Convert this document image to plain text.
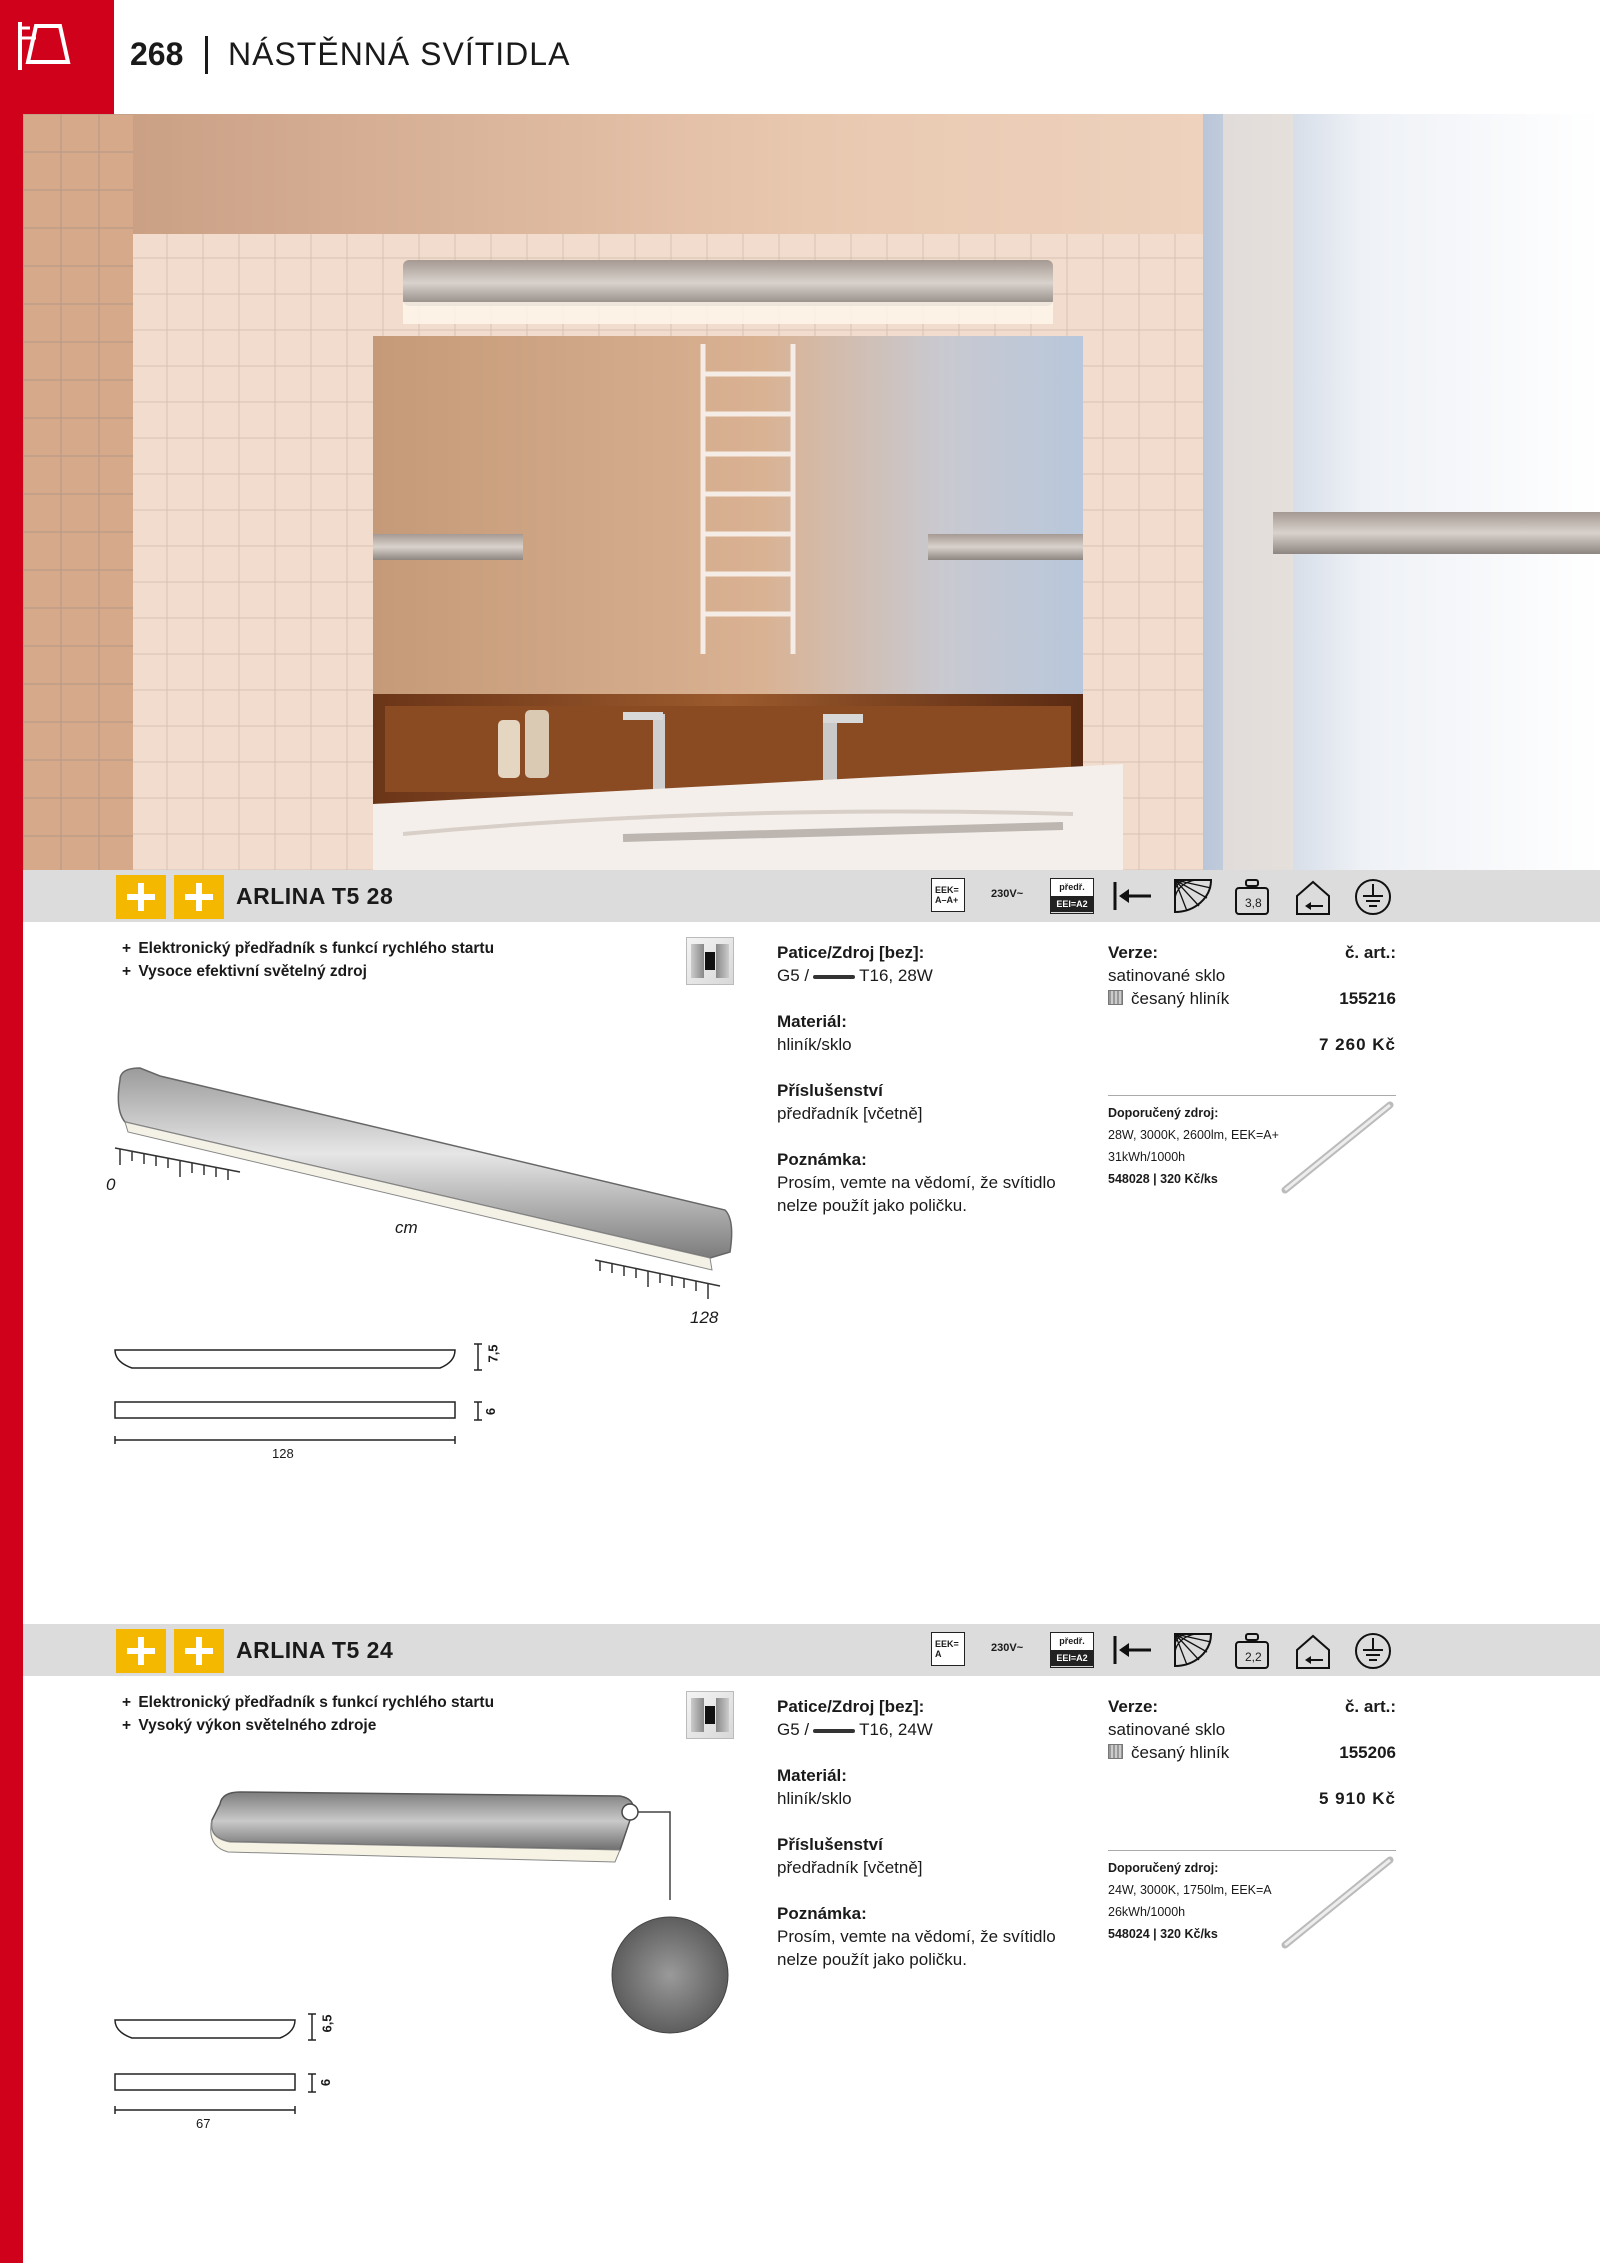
268 NÁSTĚNNÁ SVÍTIDLA
ARLINA T5 28	EEK=
A–A+	230V~
předř.
EEI=A2	3,8
+ Elektronický předřadník s funkcí rychlého startu
+ Vysoce efektivní světelný zdroj
0
cm
128
7,5
6
128
Patice/Zdroj [bez]:
G5 /	T16, 28W
Materiál:
hliník/sklo
Příslušenství
předřadník [včetně]
Poznámka:
Prosím, vemte na vědomí, že svítidlo nelze použít jako poličku.
Verze:	č. art.:
satinované sklo
česaný hliník	155216
7 260 Kč
Doporučený zdroj:
28W, 3000K, 2600lm, EEK=A+
31kWh/1000h
548028 | 320 Kč/ks
ARLINA T5 24	EEK=
A	230V~
předř.
EEI=A2	2,2
+ Elektronický předřadník s funkcí rychlého startu
+ Vysoký výkon světelného zdroje
6,5
6
67
Patice/Zdroj [bez]:
G5 /	T16, 24W
Materiál:
hliník/sklo
Příslušenství
předřadník [včetně]
Poznámka:
Prosím, vemte na vědomí, že svítidlo nelze použít jako poličku.
Verze:	č. art.:
satinované sklo
česaný hliník	155206
5 910 Kč
Doporučený zdroj:
24W, 3000K, 1750lm, EEK=A
26kWh/1000h
548024 | 320 Kč/ks
